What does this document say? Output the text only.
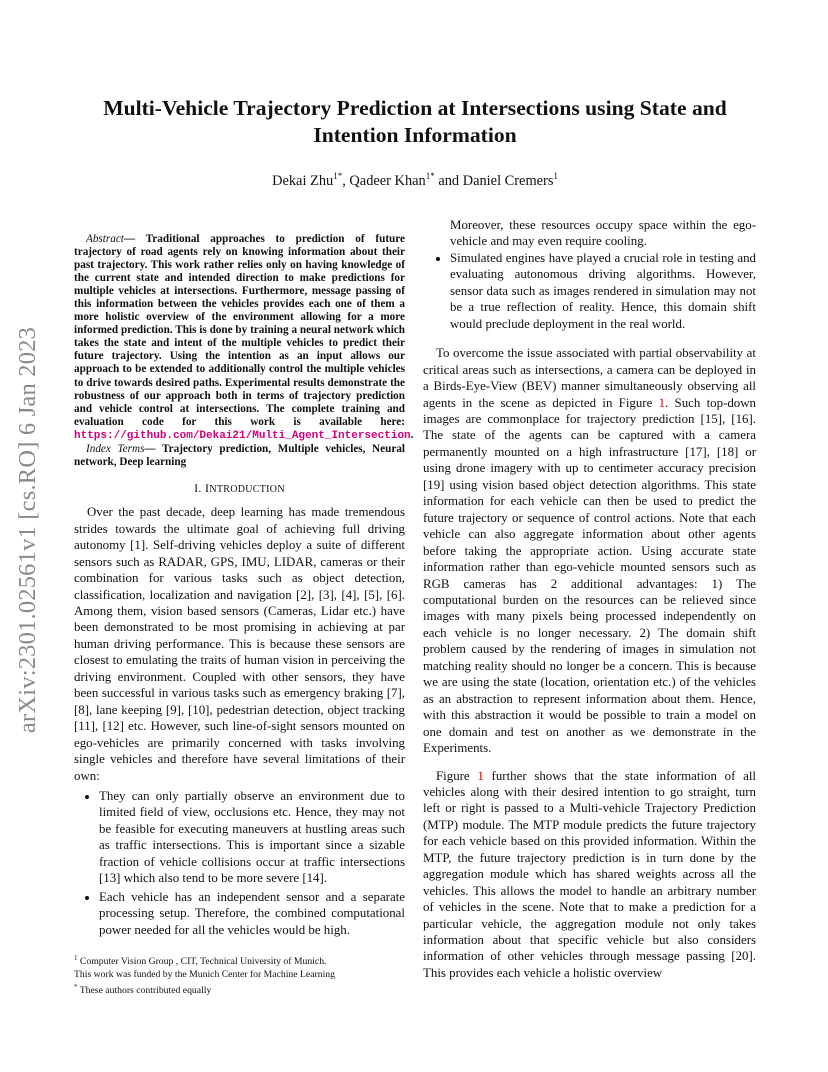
arXiv:2301.02561v1 [cs.RO] 6 Jan 2023
Multi-Vehicle Trajectory Prediction at Intersections using State and Intention Information
Dekai Zhu$^{1*}$, Qadeer Khan$^{1*}$ and Daniel Cremers$^1$

Abstract— Traditional approaches to prediction of future trajectory of road agents rely on knowing information about their past trajectory. This work rather relies only on having knowledge of the current state and intended direction to make predictions for multiple vehicles at intersections. Furthermore, message passing of this information between the vehicles provides each one of them a more holistic overview of the environment allowing for a more informed prediction. This is done by training a neural network which takes the state and intent of the multiple vehicles to predict their future trajectory. Using the intention as an input allows our approach to be extended to additionally control the multiple vehicles to drive towards desired paths. Experimental results demonstrate the robustness of our approach both in terms of trajectory prediction and vehicle control at intersections. The complete training and evaluation code for this work is available here: https://github.com/Dekai21/Multi_Agent_Intersection.

Index Terms— Trajectory prediction, Multiple vehicles, Neural network, Deep learning

I. INTRODUCTION

Over the past decade, deep learning has made tremendous strides towards the ultimate goal of achieving full driving autonomy [1]. Self-driving vehicles deploy a suite of different sensors such as RADAR, GPS, IMU, LIDAR, cameras or their combination for various tasks such as object detection, classification, localization and navigation [2], [3], [4], [5], [6]. Among them, vision based sensors (Cameras, Lidar etc.) have been demonstrated to be most promising in achieving at par human driving performance. This is because these sensors are closest to emulating the traits of human vision in perceiving the driving environment. Coupled with other sensors, they have been successful in various tasks such as emergency braking [7], [8], lane keeping [9], [10], pedestrian detection, object tracking [11], [12] etc. However, such line-of-sight sensors mounted on ego-vehicles are primarily concerned with tasks involving single vehicles and therefore have several limitations of their own:

• They can only partially observe an environment due to limited field of view, occlusions etc. Hence, they may not be feasible for executing maneuvers at hustling areas such as traffic intersections. This is important since a sizable fraction of vehicle collisions occur at traffic intersections [13] which also tend to be more severe [14].
• Each vehicle has an independent sensor and a separate processing setup. Therefore, the combined computational power needed for all the vehicles would be high.
$^1$ Computer Vision Group , CIT, Technical University of Munich.
This work was funded by the Munich Center for Machine Learning
* These authors contributed equally
Moreover, these resources occupy space within the ego-vehicle and may even require cooling.
• Simulated engines have played a crucial role in testing and evaluating autonomous driving algorithms. However, sensor data such as images rendered in simulation may not be a true reflection of reality. Hence, this domain shift would preclude deployment in the real world.

To overcome the issue associated with partial observability at critical areas such as intersections, a camera can be deployed in a Birds-Eye-View (BEV) manner simultaneously observing all agents in the scene as depicted in Figure 1. Such top-down images are commonplace for trajectory prediction [15], [16]. The state of the agents can be captured with a camera permanently mounted on a high infrastructure [17], [18] or using drone imagery with up to centimeter accuracy precision [19] using vision based object detection algorithms. This state information for each vehicle can then be used to predict the future trajectory or sequence of control actions. Note that each vehicle can also aggregate information about other agents before taking the appropriate action. Using accurate state information rather than ego-vehicle mounted sensors such as RGB cameras has 2 additional advantages: 1) The computational burden on the resources can be relieved since images with many pixels being processed independently on each vehicle is no longer necessary. 2) The domain shift problem caused by the rendering of images in simulation not matching reality should no longer be a concern. This is because we are using the state (location, orientation etc.) of the vehicles as an abstraction to represent information about them. Hence, with this abstraction it would be possible to train a model on one domain and test on another as we demonstrate in the Experiments.

Figure 1 further shows that the state information of all vehicles along with their desired intention to go straight, turn left or right is passed to a Multi-vehicle Trajectory Prediction (MTP) module. The MTP module predicts the future trajectory for each vehicle based on this provided information. Within the MTP, the future trajectory prediction is in turn done by the aggregation module which has shared weights across all the vehicles. This allows the model to handle an arbitrary number of vehicles in the scene. Note that to make a prediction for a particular vehicle, the aggregation module not only takes information about that specific vehicle but also considers information of other vehicles through message passing [20]. This provides each vehicle a holistic overview
